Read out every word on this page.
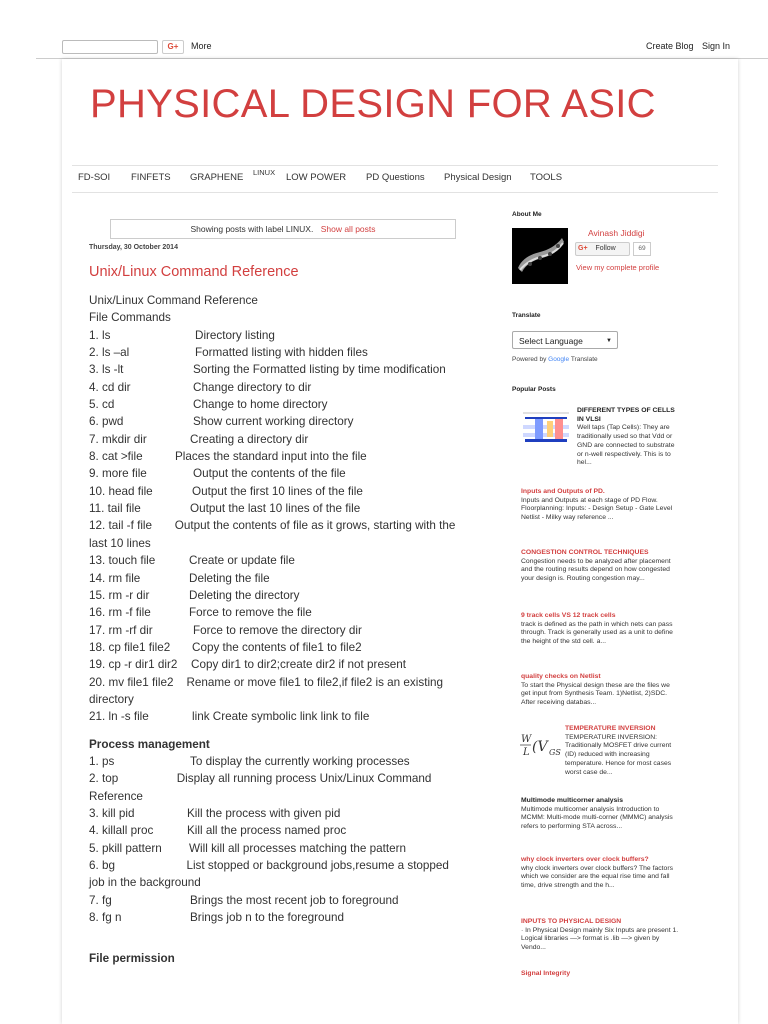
G+	More	Create Blog Sign In
PHYSICAL DESIGN FOR ASIC
FD-SOI FINFETS GRAPHENE LINUX LOW POWER PD Questions Physical Design TOOLS
Showing posts with label LINUX. Show all posts
Thursday, 30 October 2014
Unix/Linux Command Reference
Unix/Linux Command Reference
File Commands
1. ls	Directory listing
2. ls –al	Formatted listing with hidden files
3. ls -lt	Sorting the Formatted listing by time modification
4. cd dir	Change directory to dir
5. cd	Change to home directory
6. pwd	Show current working directory
7. mkdir dir	Creating a directory dir
8. cat >file	Places the standard input into the file
9. more file	Output the contents of the file
10. head file	Output the first 10 lines of the file
11. tail file	Output the last 10 lines of the file
12. tail -f file Output the contents of file as it grows, starting with the last 10 lines
13. touch file	Create or update file
14. rm file	Deleting the file
15. rm -r dir	Deleting the directory
16. rm -f file	Force to remove the file
17. rm -rf dir	Force to remove the directory dir
18. cp file1 file2 Copy the contents of file1 to file2
19. cp -r dir1 dir2 Copy dir1 to dir2;create dir2 if not present
20. mv file1 file2 Rename or move file1 to file2,if file2 is an existing directory
21. ln -s file	link Create symbolic link link to file
Process management
1. ps	To display the currently working processes
2. top	Display all running process Unix/Linux Command Reference
3. kill pid	Kill the process with given pid
4. killall proc	Kill all the process named proc
5. pkill pattern Will kill all processes matching the pattern
6. bg	List stopped or background jobs,resume a stopped job in the background
7. fg	Brings the most recent job to foreground
8. fg n	Brings job n to the foreground
File permission
About Me
Avinash Jiddigi
G+ Follow	69
View my complete profile
Translate
Select Language	▼
Powered by Google Translate
Popular Posts
W
L (V GS
DIFFERENT TYPES OF CELLS IN VLSI
Well taps (Tap Cells): They are traditionally used so that Vdd or GND are connected to substrate or n-well respectively. This is to hel...
Inputs and Outputs of PD.
Inputs and Outputs at each stage of PD Flow. Floorplanning: Inputs: - Design Setup - Gate Level Netlist - Milky way reference ...
CONGESTION CONTROL TECHNIQUES
Congestion needs to be analyzed after placement and the routing results depend on how congested your design is. Routing congestion may...
9 track cells VS 12 track cells
track is defined as the path in which nets can pass through. Track is generally used as a unit to define the height of the std cell. a...
quality checks on Netlist
To start the Physical design these are the files we get input from Synthesis Team. 1)Netlist, 2)SDC. After receiving databas...
TEMPERATURE INVERSION
TEMPERATURE INVERSION: Traditionally MOSFET drive current (ID) reduced with increasing temperature. Hence for most cases worst case de...
Multimode multicorner analysis
Multimode multicorner analysis Introduction to MCMM: Multi-mode multi-corner (MMMC) analysis refers to performing STA across...
why clock inverters over clock buffers?
why clock inverters over clock buffers? The factors which we consider are the equal rise time and fall time, drive strength and the h...
INPUTS TO PHYSICAL DESIGN
· In Physical Design mainly Six Inputs are present 1. Logical libraries —> format is .lib —> given by Vendo...
Signal Integrity
